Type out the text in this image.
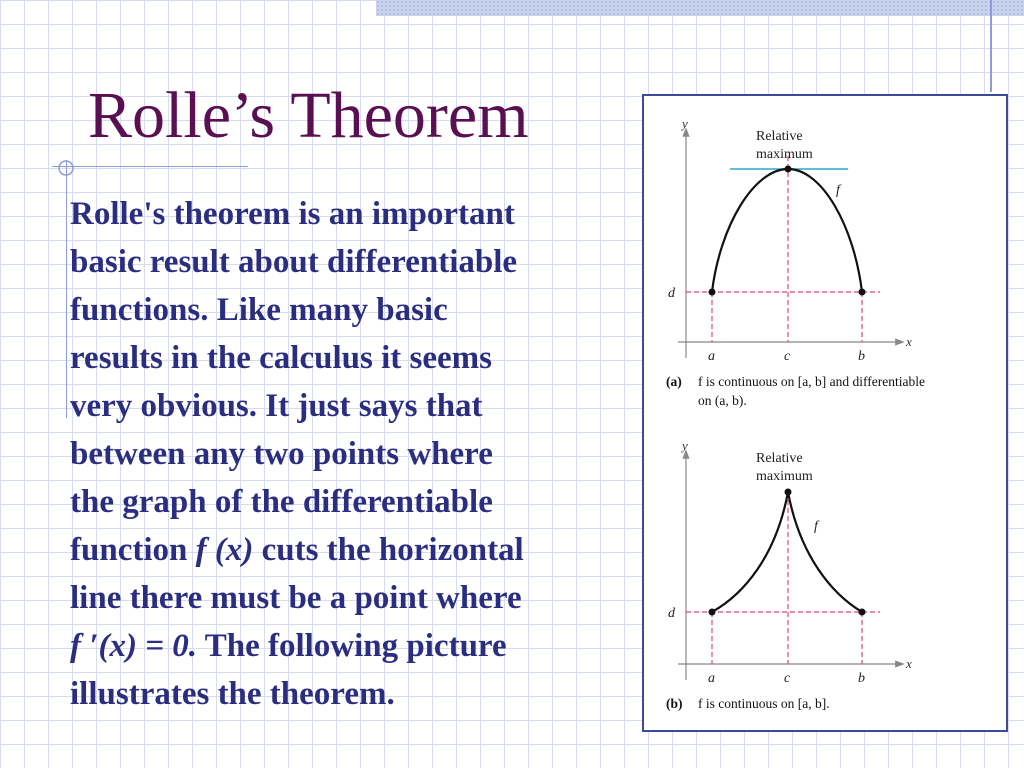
Rolle’s Theorem

Rolle's theorem is an important
basic result about differentiable
functions. Like many basic
results in the calculus it seems
very obvious. It just says that
between any two points where
the graph of the differentiable
function f (x) cuts the horizontal
line there must be a point where
f ′(x) = 0. The following picture
illustrates the theorem.

y
x
Relative
maximum
f
d
a	c	b
(a) f is continuous on [a, b] and differentiable
on (a, b).
y
x
Relative
maximum
f
d
a	c	b
(b) f is continuous on [a, b].
